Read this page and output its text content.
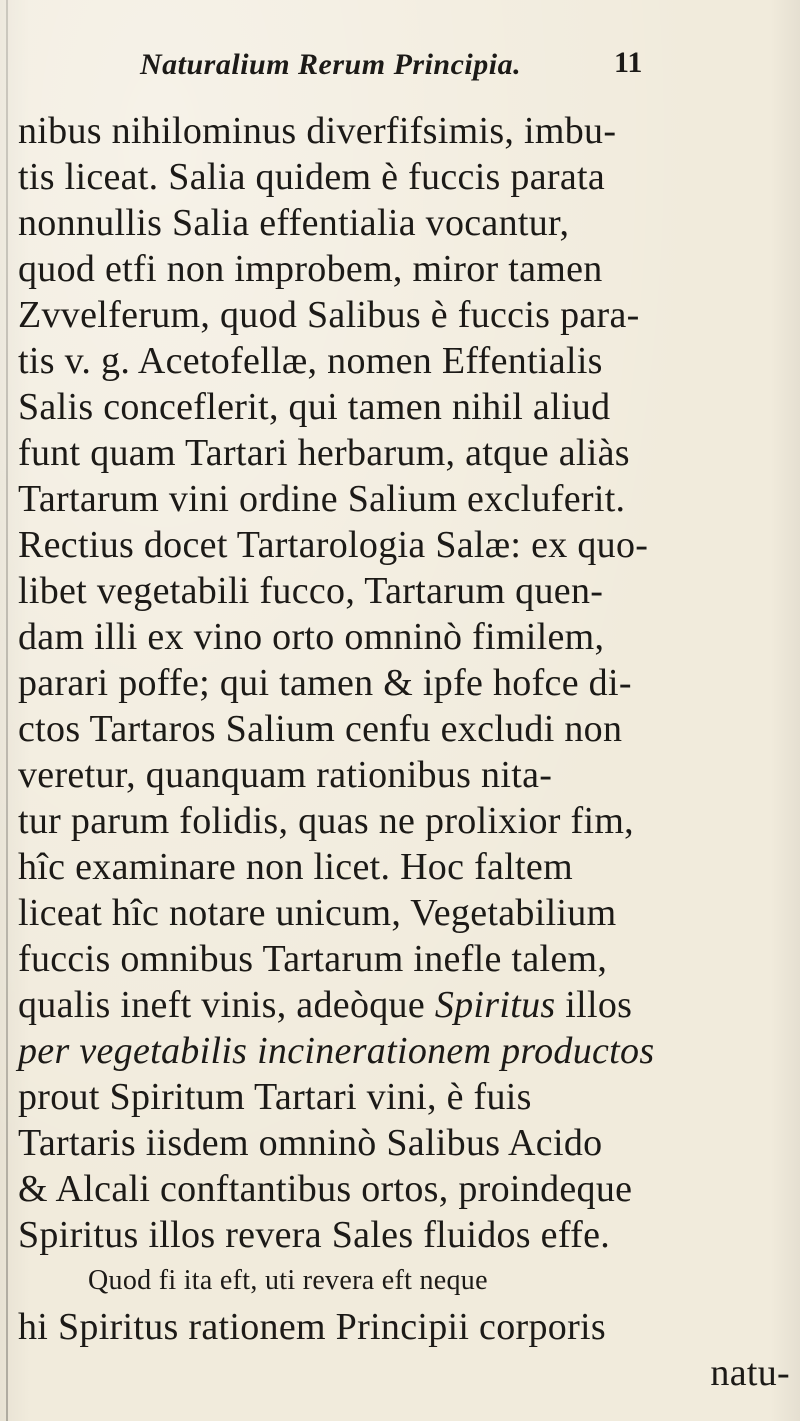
Naturalium Rerum Principia.	11
nibus nihilominus diverfifsimis, imbu-
tis liceat. Salia quidem è fuccis parata
nonnullis Salia effentialia vocantur,
quod etfi non improbem, miror tamen
Zvvelferum, quod Salibus è fuccis para-
tis v. g. Acetofellæ, nomen Effentialis
Salis conceflerit, qui tamen nihil aliud
funt quam Tartari herbarum, atque aliàs
Tartarum vini ordine Salium excluferit.
Rectius docet Tartarologia Salæ: ex quo-
libet vegetabili fucco, Tartarum quen-
dam illi ex vino orto omninò fimilem,
parari poffe; qui tamen & ipfe hofce di-
ctos Tartaros Salium cenfu excludi non
veretur, quanquam rationibus nita-
tur parum folidis, quas ne prolixior fim,
hîc examinare non licet. Hoc faltem
liceat hîc notare unicum, Vegetabilium
fuccis omnibus Tartarum inefle talem,
qualis ineft vinis, adeòque Spiritus illos
per vegetabilis incinerationem productos
prout Spiritum Tartari vini, è fuis
Tartaris iisdem omninò Salibus Acido
& Alcali conftantibus ortos, proindeque
Spiritus illos revera Sales fluidos effe.
Quod fi ita eft, uti revera eft neque
hi Spiritus rationem Principii corporis
natu-
